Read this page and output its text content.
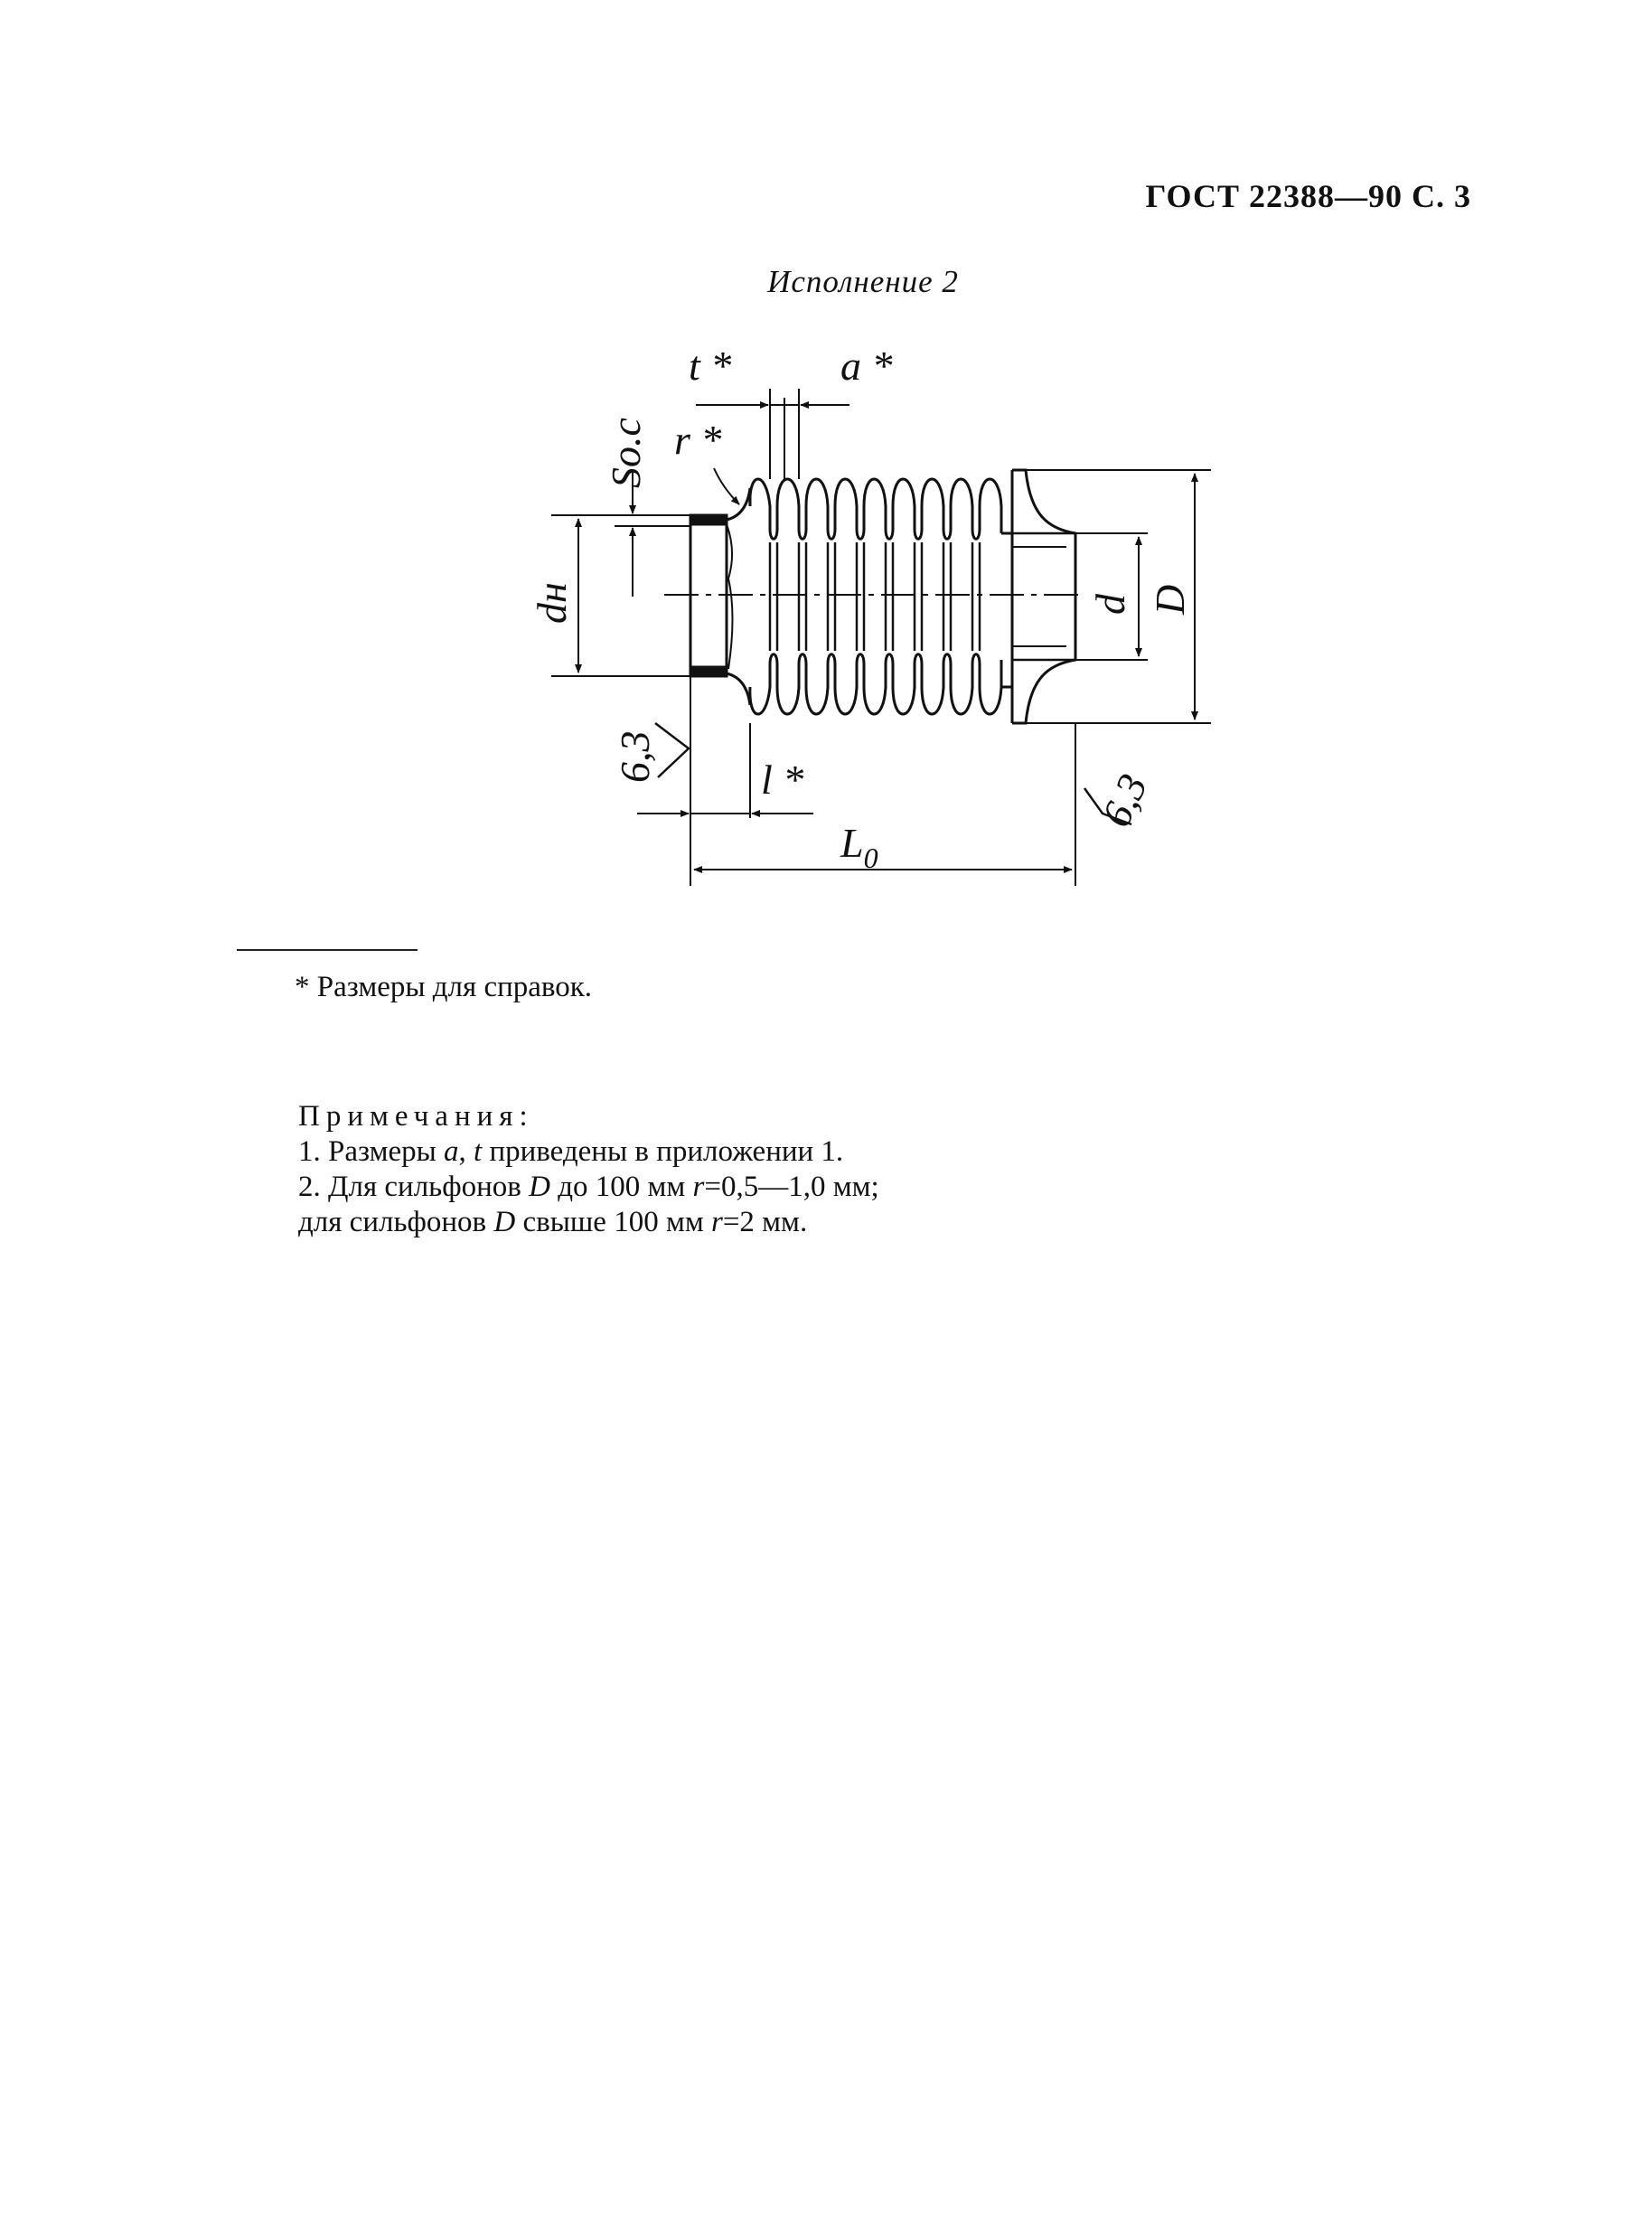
ГОСТ 22388—90 С. 3
Исполнение 2
t *	a *
r *
Sо.с
dн	d D
l *
$L_0$
6,3
6,3
* Размеры для справок.
Примечания:
1. Размеры a, t приведены в приложении 1.
2. Для сильфонов D до 100 мм r=0,5—1,0 мм;
для сильфонов D свыше 100 мм r=2 мм.
